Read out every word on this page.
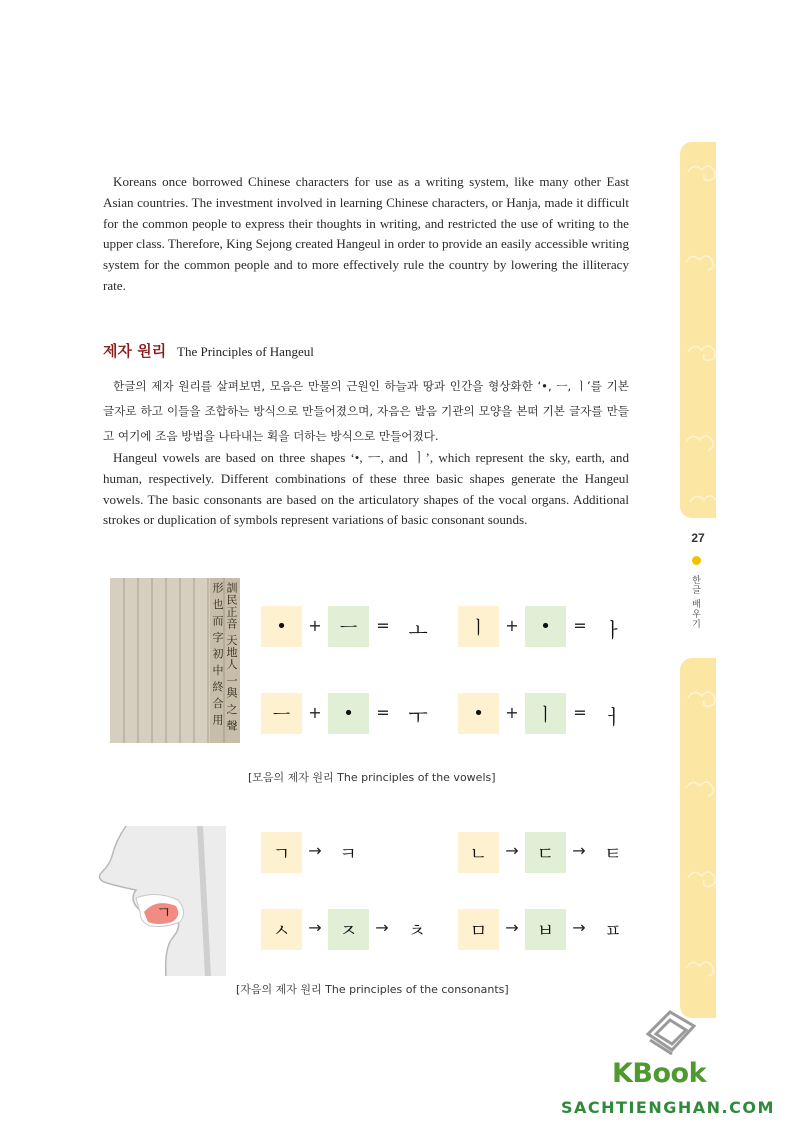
27
한글 배우기

Koreans once borrowed Chinese characters for use as a writing system, like many other East Asian countries. The investment involved in learning Chinese characters, or Hanja, made it difficult for the common people to express their thoughts in writing, and restricted the use of writing to the upper class. Therefore, King Sejong created Hangeul in order to provide an easily accessible writing system for the common people and to more effectively rule the country by lowering the illiteracy rate.

제자 원리 The Principles of Hangeul

한글의 제자 원리를 살펴보면, 모음은 만물의 근원인 하늘과 땅과 인간을 형상화한 ‘•, ㅡ, ㅣ’를 기본 글자로 하고 이들을 조합하는 방식으로 만들어졌으며, 자음은 발음 기관의 모양을 본떠 기본 글자를 만들고 여기에 조음 방법을 나타내는 획을 더하는 방식으로 만들어졌다.

Hangeul vowels are based on three shapes ‘•, ㅡ, and ㅣ’, which represent the sky, earth, and human, respectively. Different combinations of these three basic shapes generate the Hangeul vowels. The basic consonants are based on the articulatory shapes of the vocal organs. Additional strokes or duplication of symbols represent variations of basic consonant sounds.

訓民正音 天地人 一與 之 聲 形 也 而 字 初 中 終 合 用	•	+	ㅡ	= ㅗ	ㅣ	+	•	= ㅏ
ㅡ	+	•	= ㅜ	•	+	ㅣ	= ㅓ
[모음의 제자 원리 The principles of the vowels]
ㄱ
ㄱ	→ ㅋ	ㄴ	→	ㄷ	→ ㅌ
ㅅ	→	ㅈ	→ ㅊ	ㅁ	→	ㅂ	→ ㅍ
[자음의 제자 원리 The principles of the consonants]
KBook
SACHTIENGHAN.COM
